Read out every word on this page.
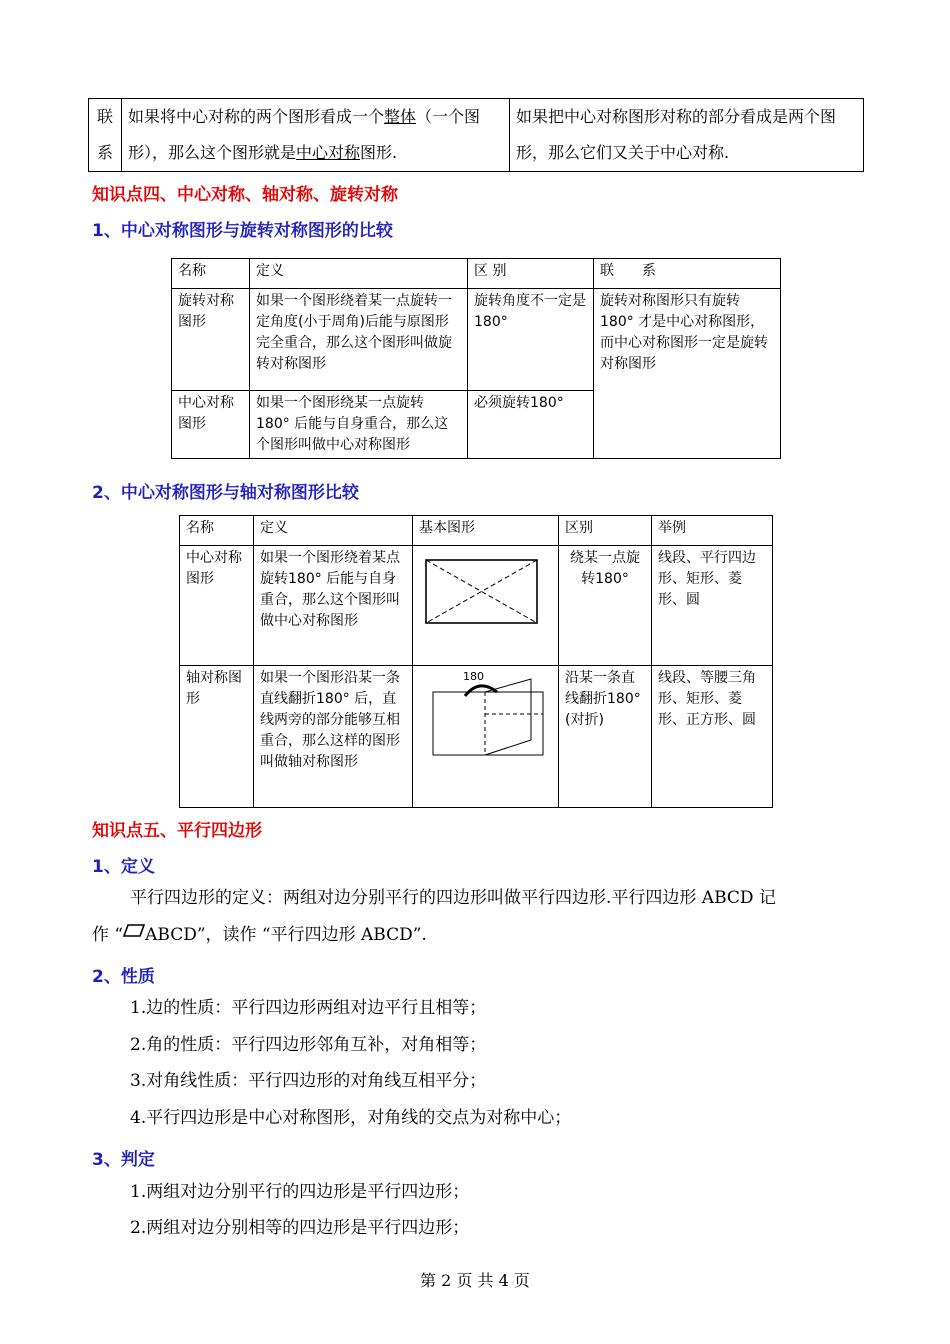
联系	如果将中心对称的两个图形看成一个整体（一个图形），那么这个图形就是中心对称图形.	如果把中心对称图形对称的部分看成是两个图形，那么它们又关于中心对称.
知识点四、中心对称、轴对称、旋转对称
1、中心对称图形与旋转对称图形的比较
名称	定义	区 别	联　　系
旋转对称图形	如果一个图形绕着某一点旋转一定角度(小于周角)后能与原图形完全重合，那么这个图形叫做旋转对称图形	旋转角度不一定是180°	旋转对称图形只有旋转 180° 才是中心对称图形，而中心对称图形一定是旋转对称图形
中心对称图形	如果一个图形绕某一点旋转 180° 后能与自身重合，那么这个图形叫做中心对称图形	必须旋转180°	
2、中心对称图形与轴对称图形比较
名称	定义	基本图形	区别	举例
中心对称图形	如果一个图形绕着某点旋转180° 后能与自身重合，那么这个图形叫做中心对称图形		绕某一点旋转180°	线段、平行四边形、矩形、菱形、圆
轴对称图形	如果一个图形沿某一条直线翻折180° 后，直线两旁的部分能够互相重合，那么这样的图形叫做轴对称图形	180	沿某一条直线翻折180°(对折)	线段、等腰三角形、矩形、菱形、正方形、圆
知识点五、平行四边形
1、定义
平行四边形的定义：两组对边分别平行的四边形叫做平行四边形.平行四边形 ABCD 记
作 “ ABCD”，读作 “平行四边形 ABCD”.
2、性质
1.边的性质：平行四边形两组对边平行且相等；
2.角的性质：平行四边形邻角互补，对角相等；
3.对角线性质：平行四边形的对角线互相平分；
4.平行四边形是中心对称图形，对角线的交点为对称中心；
3、判定
1.两组对边分别平行的四边形是平行四边形；
2.两组对边分别相等的四边形是平行四边形；
第 2 页 共 4 页
